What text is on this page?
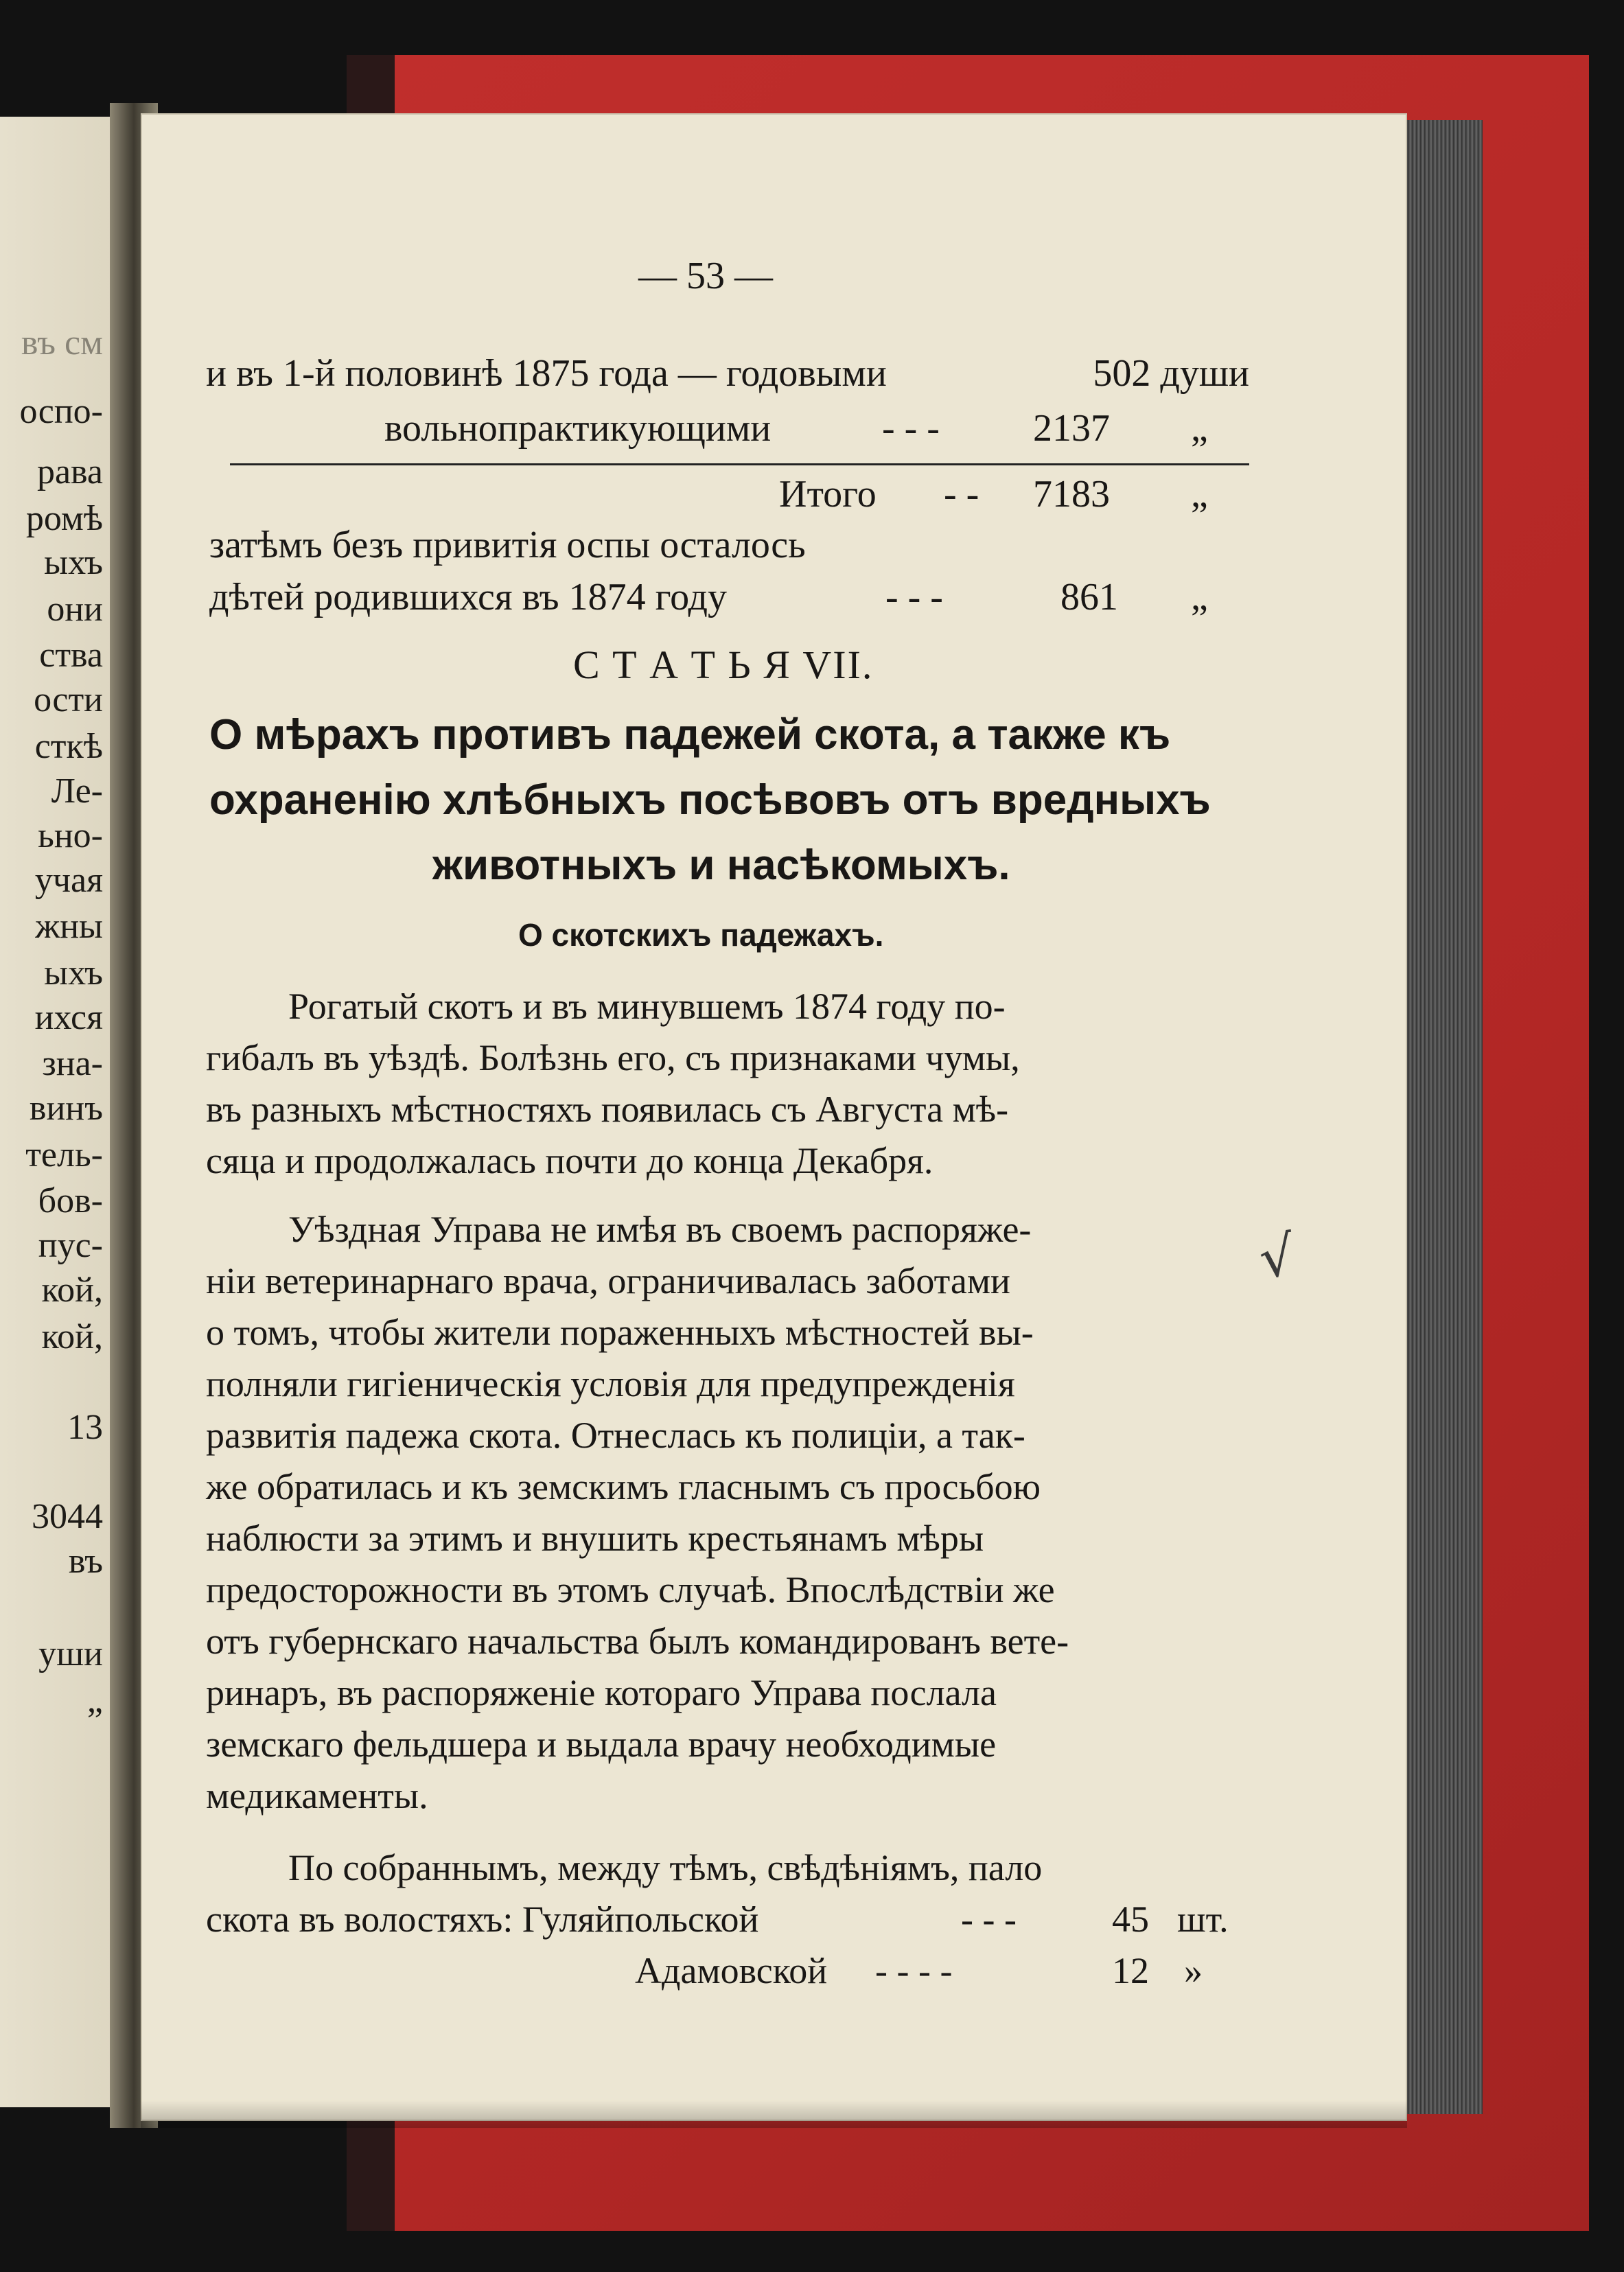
въ см
оспо-
рава
ромѣ
ыхъ
они
ства
ости
сткѣ
Ле-
ьно-
учая
жны
ыхъ
ихся
зна-
винъ
тель-
бов-
пус-
кой,
кой,
13
3044
въ
уши
„
— 53 —
и въ 1-й половинѣ 1875 года — годовыми	502 души
вольнопрактикующими	- - - 2137 „
Итого - - 7183 „
затѣмъ безъ привитія оспы осталось
дѣтей родившихся въ 1874 году	- - -	861 „
С Т А Т Ь Я VII.
О мѣрахъ противъ падежей скота, а также къ
охраненію хлѣбныхъ посѣвовъ отъ вредныхъ
животныхъ и насѣкомыхъ.
О скотскихъ падежахъ.
Рогатый скотъ и въ минувшемъ 1874 году по-
гибалъ въ уѣздѣ. Болѣзнь его, съ признаками чумы,
въ разныхъ мѣстностяхъ появилась съ Августа мѣ-
сяца и продолжалась почти до конца Декабря.
Уѣздная Управа не имѣя въ своемъ распоряже-
ніи ветеринарнаго врача, ограничивалась заботами
о томъ, чтобы жители пораженныхъ мѣстностей вы-
полняли гигіеническія условія для предупрежденія
развитія падежа скота. Отнеслась къ полиціи, а так-
же обратилась и къ земскимъ гласнымъ съ просьбою
наблюсти за этимъ и внушить крестьянамъ мѣры
предосторожности въ этомъ случаѣ. Впослѣдствіи же
отъ губернскаго начальства былъ командированъ вете-
ринаръ, въ распоряженіе котораго Управа послала
земскаго фельдшера и выдала врачу необходимые
медикаменты.
По собраннымъ, между тѣмъ, свѣдѣніямъ, пало
скота въ волостяхъ: Гуляйпольской	- - -	45 шт.
Адамовской - - - -	12 »
√
